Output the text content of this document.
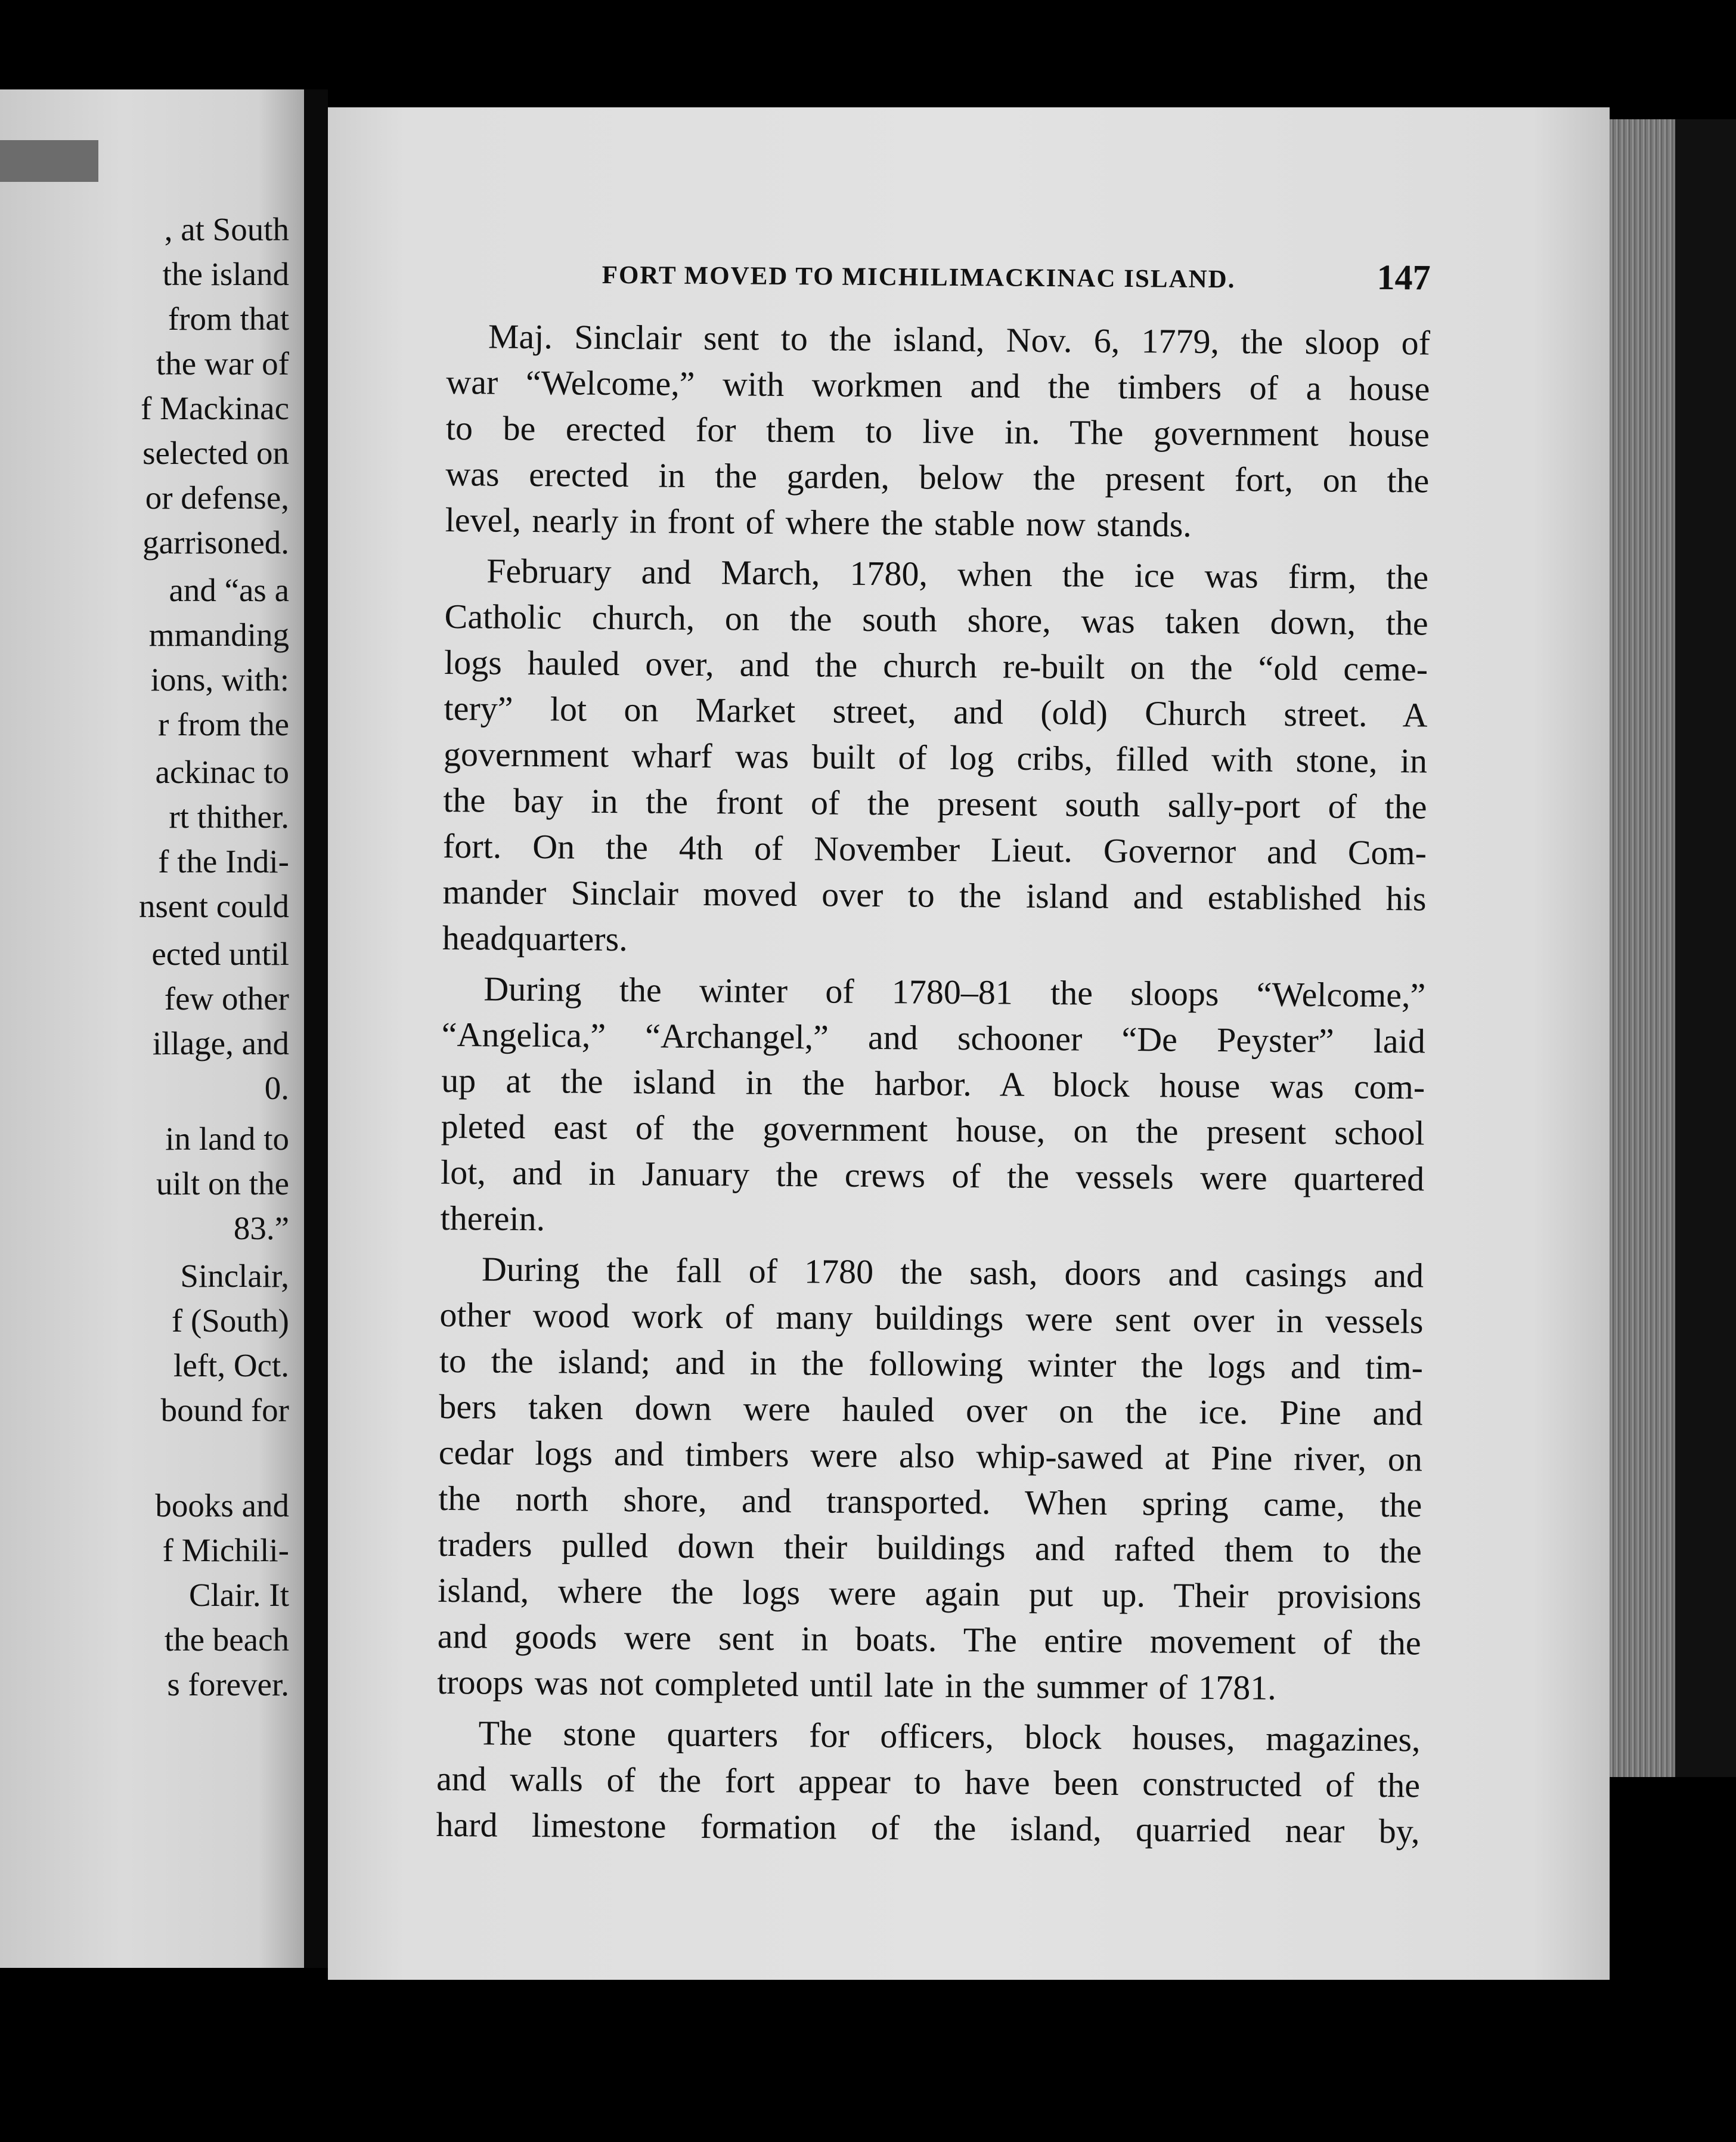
, at South
the island
from that
the war of
f Mackinac
selected on
or defense,
garrisoned.
and “as a
mmanding
ions, with:
r from the
ackinac to
rt thither.
f the Indi-
nsent could
ected until
few other
illage, and
0.
in land to
uilt on the
83.”
Sinclair,
f (South)
left, Oct.
bound for
books and
f Michili-
Clair. It
the beach
s forever.
FORT MOVED TO MICHILIMACKINAC ISLAND.	147
Maj. Sinclair sent to the island, Nov. 6, 1779, the sloop of
war “Welcome,” with workmen and the timbers of a house
to be erected for them to live in. The government house
was erected in the garden, below the present fort, on the
level, nearly in front of where the stable now stands.
February and March, 1780, when the ice was firm, the
Catholic church, on the south shore, was taken down, the
logs hauled over, and the church re-built on the “old ceme-
tery” lot on Market street, and (old) Church street. A
government wharf was built of log cribs, filled with stone, in
the bay in the front of the present south sally-port of the
fort. On the 4th of November Lieut. Governor and Com-
mander Sinclair moved over to the island and established his
headquarters.
During the winter of 1780–81 the sloops “Welcome,”
“Angelica,” “Archangel,” and schooner “De Peyster” laid
up at the island in the harbor. A block house was com-
pleted east of the government house, on the present school
lot, and in January the crews of the vessels were quartered
therein.
During the fall of 1780 the sash, doors and casings and
other wood work of many buildings were sent over in vessels
to the island; and in the following winter the logs and tim-
bers taken down were hauled over on the ice. Pine and
cedar logs and timbers were also whip-sawed at Pine river, on
the north shore, and transported. When spring came, the
traders pulled down their buildings and rafted them to the
island, where the logs were again put up. Their provisions
and goods were sent in boats. The entire movement of the
troops was not completed until late in the summer of 1781.
The stone quarters for officers, block houses, magazines,
and walls of the fort appear to have been constructed of the
hard limestone formation of the island, quarried near by,
